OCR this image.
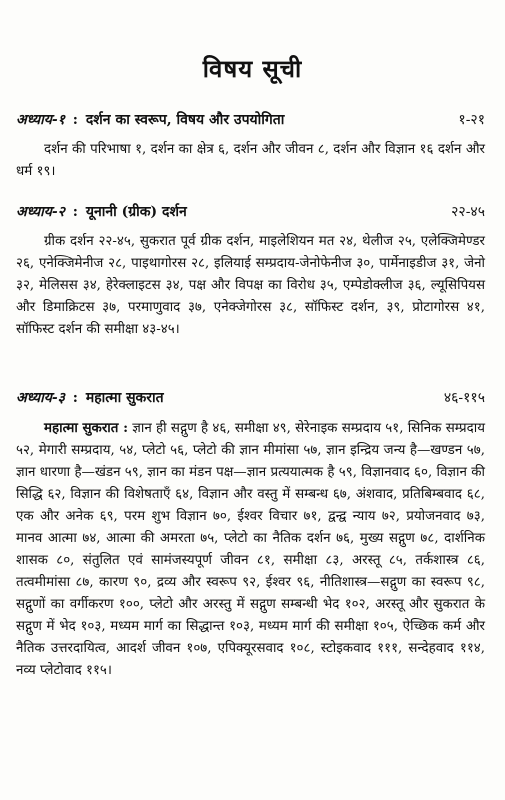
विषय सूची
अध्याय-१ : दर्शन का स्वरूप, विषय और उपयोगिता	१-२१
दर्शन की परिभाषा १, दर्शन का क्षेत्र ६, दर्शन और जीवन ८, दर्शन और विज्ञान १६ दर्शन और धर्म १९।
अध्याय-२ : यूनानी (ग्रीक) दर्शन	२२-४५
ग्रीक दर्शन २२-४५, सुकरात पूर्व ग्रीक दर्शन, माइलेशियन मत २४, थेलीज २५, एलेक्जिमेण्डर २६, एनेक्जिमेनीज २८, पाइथागोरस २८, इलियाई सम्प्रदाय-जेनोफेनीज ३०, पार्मेनाइडीज ३१, जेनो ३२, मेलिसस ३४, हेरेक्लाइटस ३४, पक्ष और विपक्ष का विरोध ३५, एम्पेडोक्लीज ३६, ल्यूसिपियस और डिमाक्रिटस ३७, परमाणुवाद ३७, एनेक्जेगोरस ३८, सॉफिस्ट दर्शन, ३९, प्रोटागोरस ४१, सॉफिस्ट दर्शन की समीक्षा ४३-४५।
अध्याय-३ : महात्मा सुकरात	४६-११५
महात्मा सुकरात : ज्ञान ही सद्गुण है ४६, समीक्षा ४९, सेरेनाइक सम्प्रदाय ५१, सिनिक सम्प्रदाय ५२, मेगारी सम्प्रदाय, ५४, प्लेटो ५६, प्लेटो की ज्ञान मीमांसा ५७, ज्ञान इन्द्रिय जन्य है—खण्डन ५७, ज्ञान धारणा है—खंडन ५९, ज्ञान का मंडन पक्ष—ज्ञान प्रत्ययात्मक है ५९, विज्ञानवाद ६०, विज्ञान की सिद्धि ६२, विज्ञान की विशेषताएँ ६४, विज्ञान और वस्तु में सम्बन्ध ६७, अंशवाद, प्रतिबिम्बवाद ६८, एक और अनेक ६९, परम शुभ विज्ञान ७०, ईश्वर विचार ७१, द्वन्द्व न्याय ७२, प्रयोजनवाद ७३, मानव आत्मा ७४, आत्मा की अमरता ७५, प्लेटो का नैतिक दर्शन ७६, मुख्य सद्गुण ७८, दार्शनिक शासक ८०, संतुलित एवं सामंजस्यपूर्ण जीवन ८१, समीक्षा ८३, अरस्तू ८५, तर्कशास्त्र ८६, तत्वमीमांसा ८७, कारण ९०, द्रव्य और स्वरूप ९२, ईश्वर ९६, नीतिशास्त्र—सद्गुण का स्वरूप ९८, सद्गुणों का वर्गीकरण १००, प्लेटो और अरस्तु में सद्गुण सम्बन्धी भेद १०२, अरस्तू और सुकरात के सद्गुण में भेद १०३, मध्यम मार्ग का सिद्धान्त १०३, मध्यम मार्ग की समीक्षा १०५, ऐच्छिक कर्म और नैतिक उत्तरदायित्व, आदर्श जीवन १०७, एपिक्यूरसवाद १०८, स्टोइकवाद १११, सन्देहवाद ११४, नव्य प्लेटोवाद ११५।
